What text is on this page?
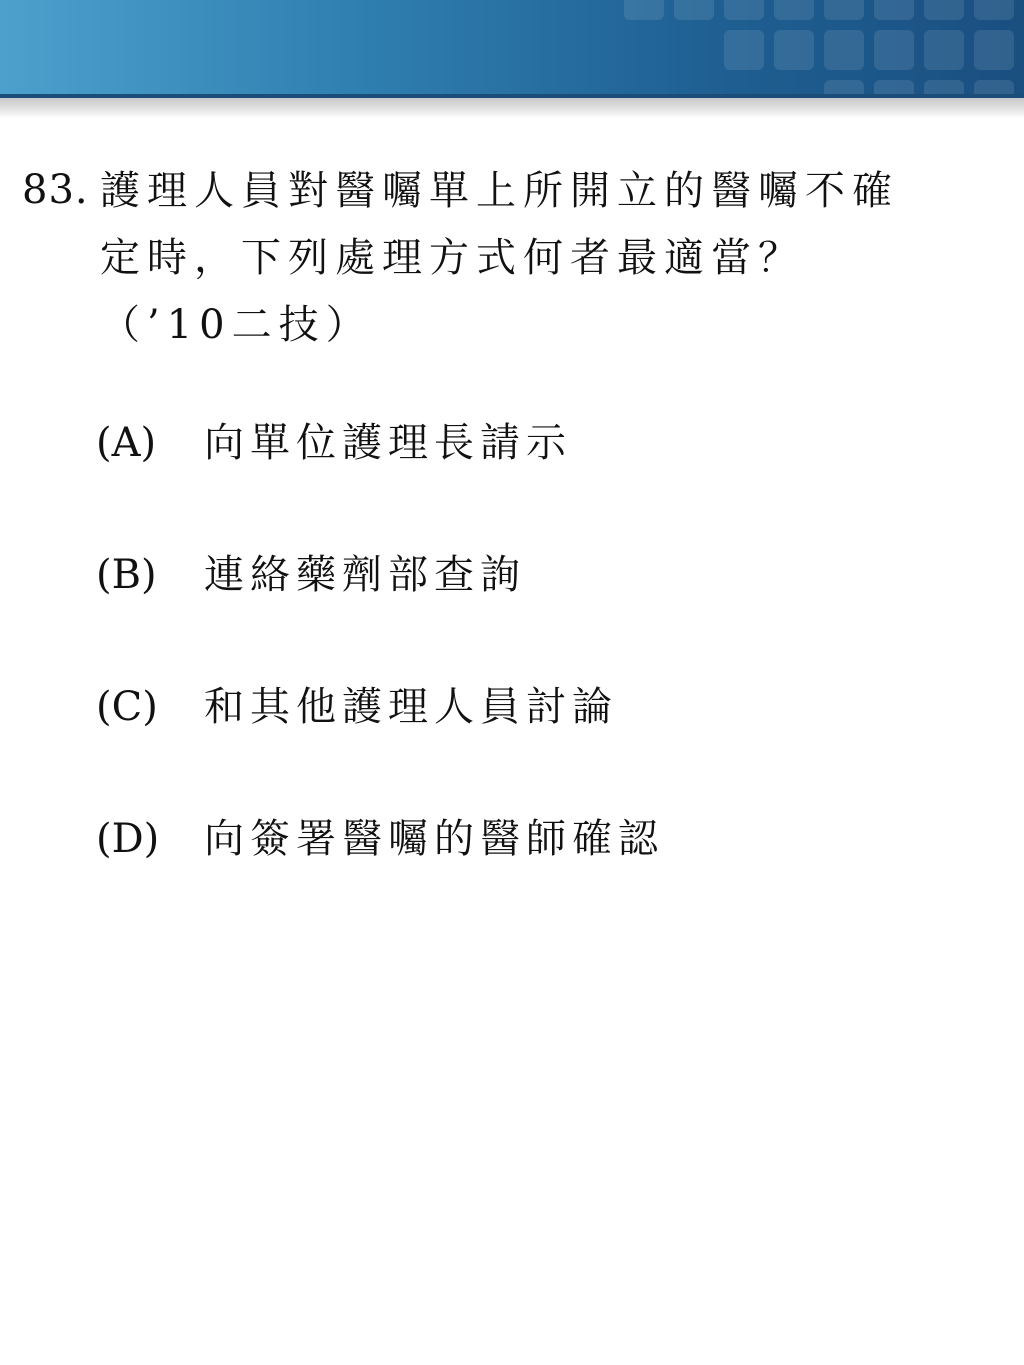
83. 護理人員對醫囑單上所開立的醫囑不確
定時，下列處理方式何者最適當？
（’10二技）
(A) 向單位護理長請示
(B) 連絡藥劑部查詢
(C) 和其他護理人員討論
(D) 向簽署醫囑的醫師確認
